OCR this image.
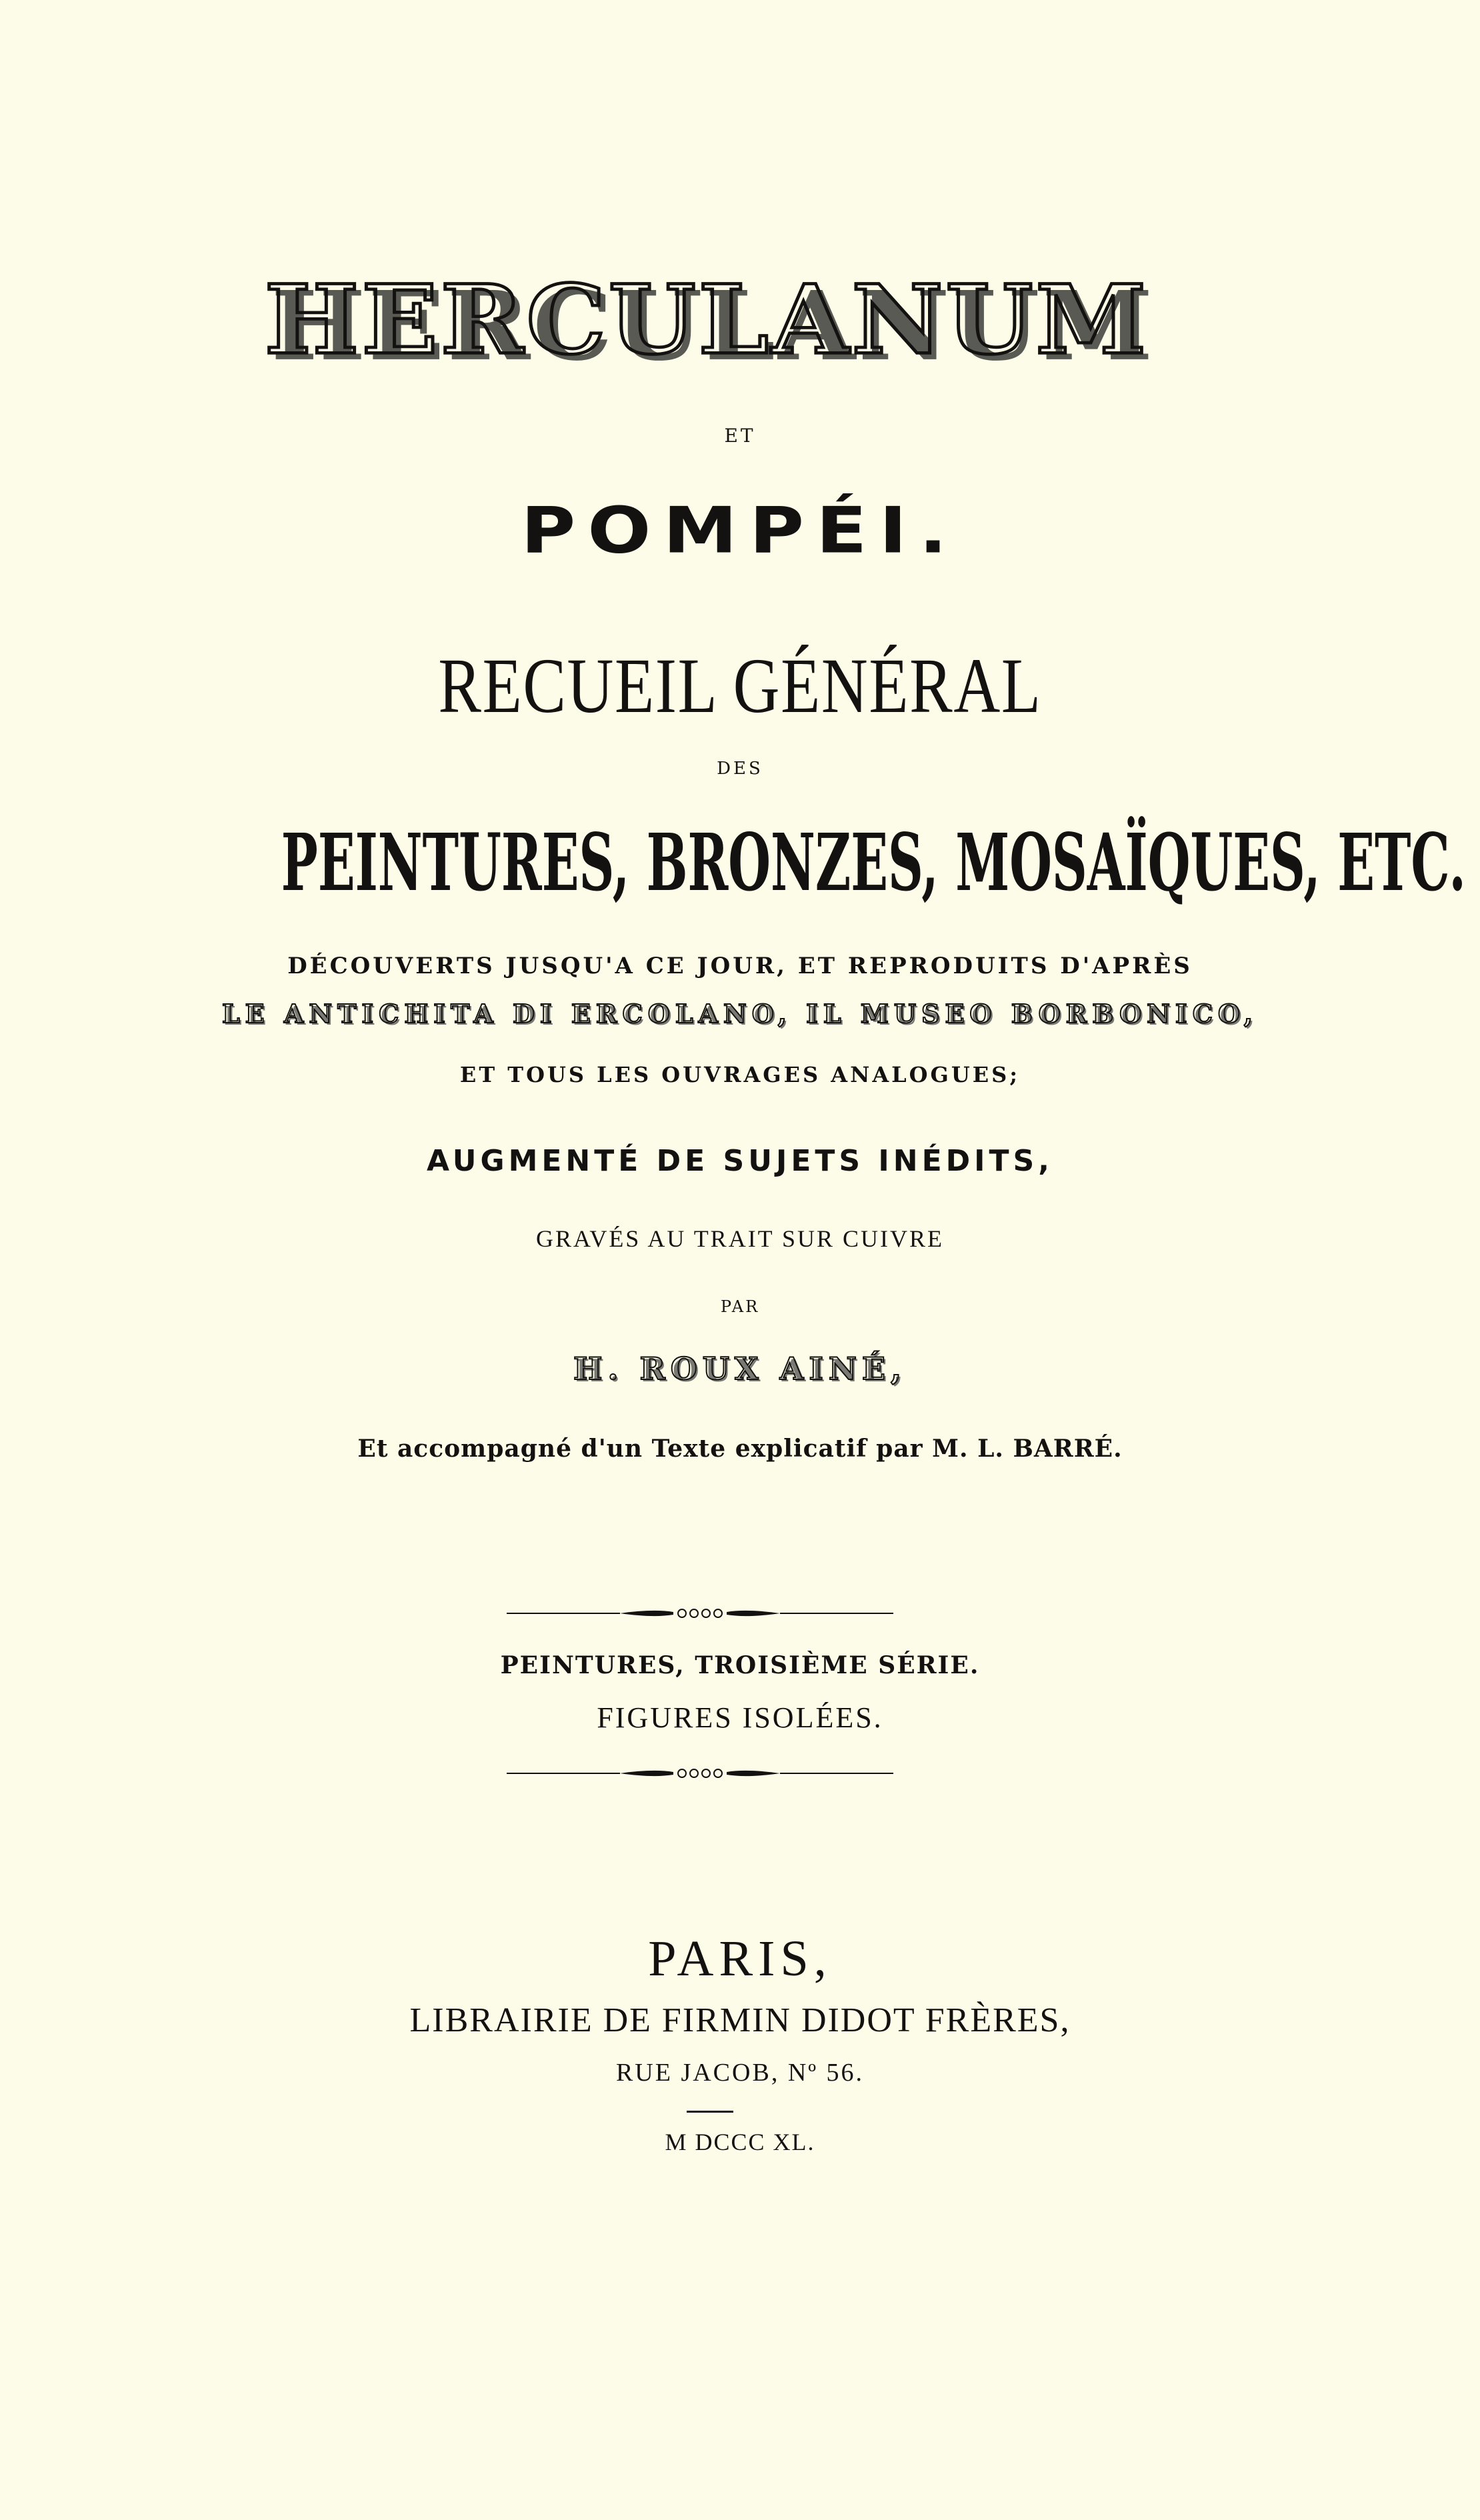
HERCULANUM
ET
POMPÉI.
RECUEIL GÉNÉRAL
DES
PEINTURES, BRONZES, MOSAÏQUES, ETC.
DÉCOUVERTS JUSQU'A CE JOUR, ET REPRODUITS D'APRÈS
LE ANTICHITA DI ERCOLANO, IL MUSEO BORBONICO,
ET TOUS LES OUVRAGES ANALOGUES;
AUGMENTÉ DE SUJETS INÉDITS,
GRAVÉS AU TRAIT SUR CUIVRE
PAR
H. ROUX AINÉ,
Et accompagné d'un Texte explicatif par M. L. BARRÉ.
PEINTURES, TROISIÈME SÉRIE.
FIGURES ISOLÉES.
PARIS,
LIBRAIRIE DE FIRMIN DIDOT FRÈRES,
RUE JACOB, Nº 56.
M DCCC XL.
